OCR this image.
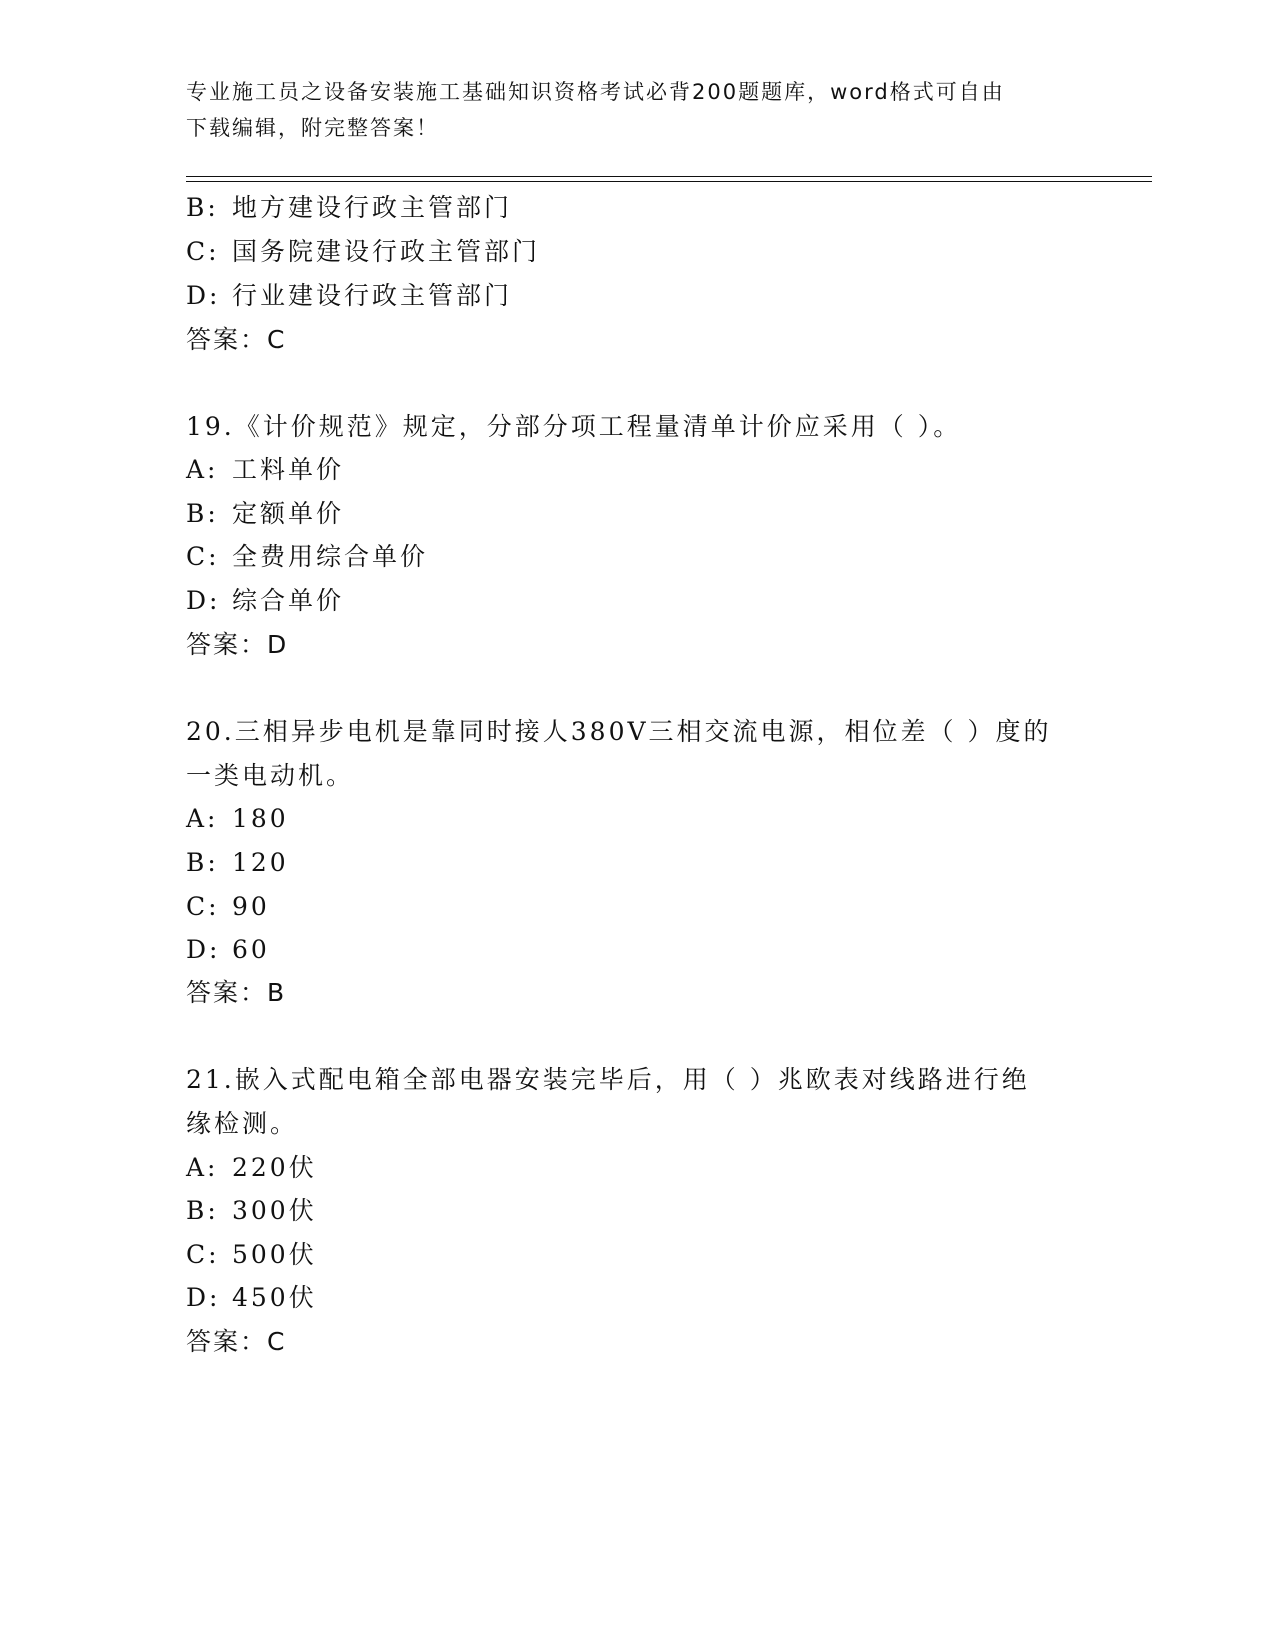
专业施工员之设备安装施工基础知识资格考试必背200题题库，word格式可自由
下载编辑，附完整答案！
B: 地方建设行政主管部门
C: 国务院建设行政主管部门
D: 行业建设行政主管部门
答案：C
19.《计价规范》规定，分部分项工程量清单计价应采用（ ）。
A: 工料单价
B: 定额单价
C: 全费用综合单价
D: 综合单价
答案：D
20.三相异步电机是靠同时接人380V三相交流电源，相位差（ ）度的
一类电动机。
A: 180
B: 120
C: 90
D: 60
答案：B
21.嵌入式配电箱全部电器安装完毕后，用（ ）兆欧表对线路进行绝
缘检测。
A: 220伏
B: 300伏
C: 500伏
D: 450伏
答案：C
